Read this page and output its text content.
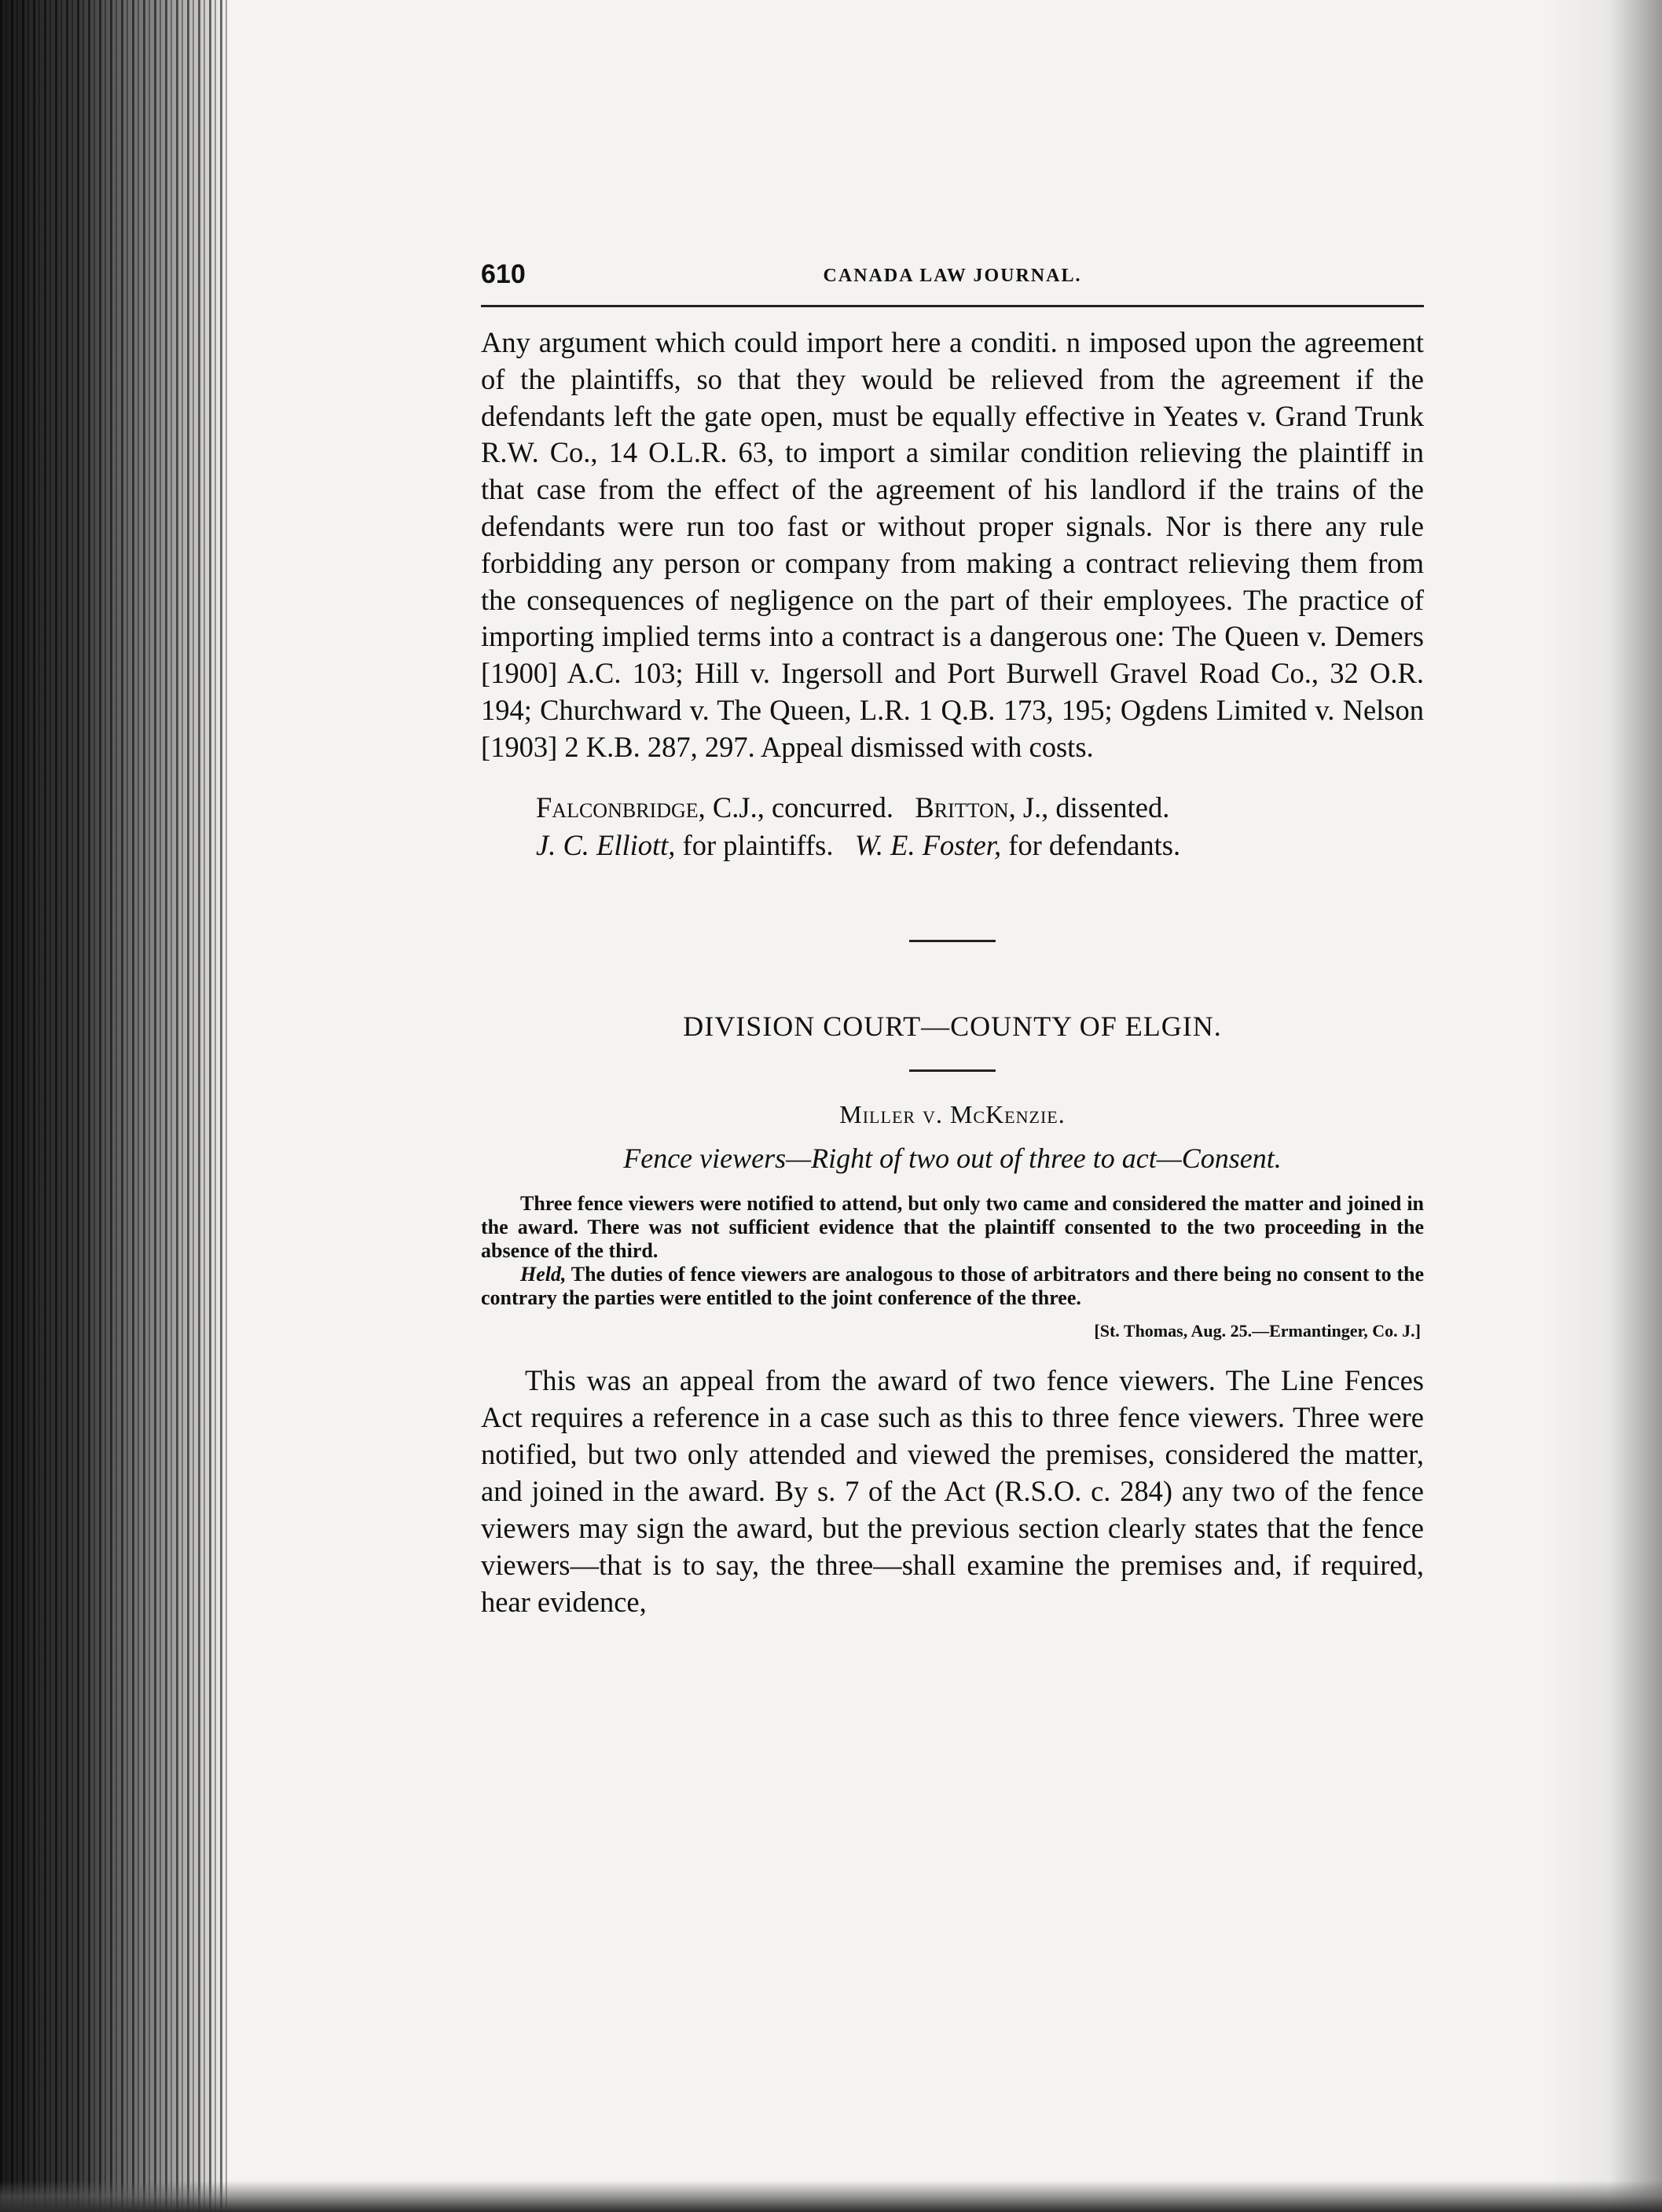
610	CANADA LAW JOURNAL.

Any argument which could import here a conditi. n imposed upon the agreement of the plaintiffs, so that they would be relieved from the agreement if the defendants left the gate open, must be equally effective in Yeates v. Grand Trunk R.W. Co., 14 O.L.R. 63, to import a similar condition relieving the plaintiff in that case from the effect of the agreement of his landlord if the trains of the defendants were run too fast or without proper signals. Nor is there any rule forbidding any person or company from making a contract relieving them from the consequences of negligence on the part of their employees. The practice of importing implied terms into a contract is a dangerous one: The Queen v. Demers [1900] A.C. 103; Hill v. Ingersoll and Port Burwell Gravel Road Co., 32 O.R. 194; Churchward v. The Queen, L.R. 1 Q.B. 173, 195; Ogdens Limited v. Nelson [1903] 2 K.B. 287, 297. Appeal dismissed with costs.

Falconbridge, C.J., concurred. Britton, J., dissented.
J. C. Elliott, for plaintiffs. W. E. Foster, for defendants.
DIVISION COURT—COUNTY OF ELGIN.
Miller v. McKenzie.
Fence viewers—Right of two out of three to act—Consent.

Three fence viewers were notified to attend, but only two came and considered the matter and joined in the award. There was not sufficient evidence that the plaintiff consented to the two proceeding in the absence of the third.

Held, The duties of fence viewers are analogous to those of arbitrators and there being no consent to the contrary the parties were entitled to the joint conference of the three.

[St. Thomas, Aug. 25.—Ermantinger, Co. J.]

This was an appeal from the award of two fence viewers. The Line Fences Act requires a reference in a case such as this to three fence viewers. Three were notified, but two only attended and viewed the premises, considered the matter, and joined in the award. By s. 7 of the Act (R.S.O. c. 284) any two of the fence viewers may sign the award, but the previous section clearly states that the fence viewers—that is to say, the three—shall examine the premises and, if required, hear evidence,
